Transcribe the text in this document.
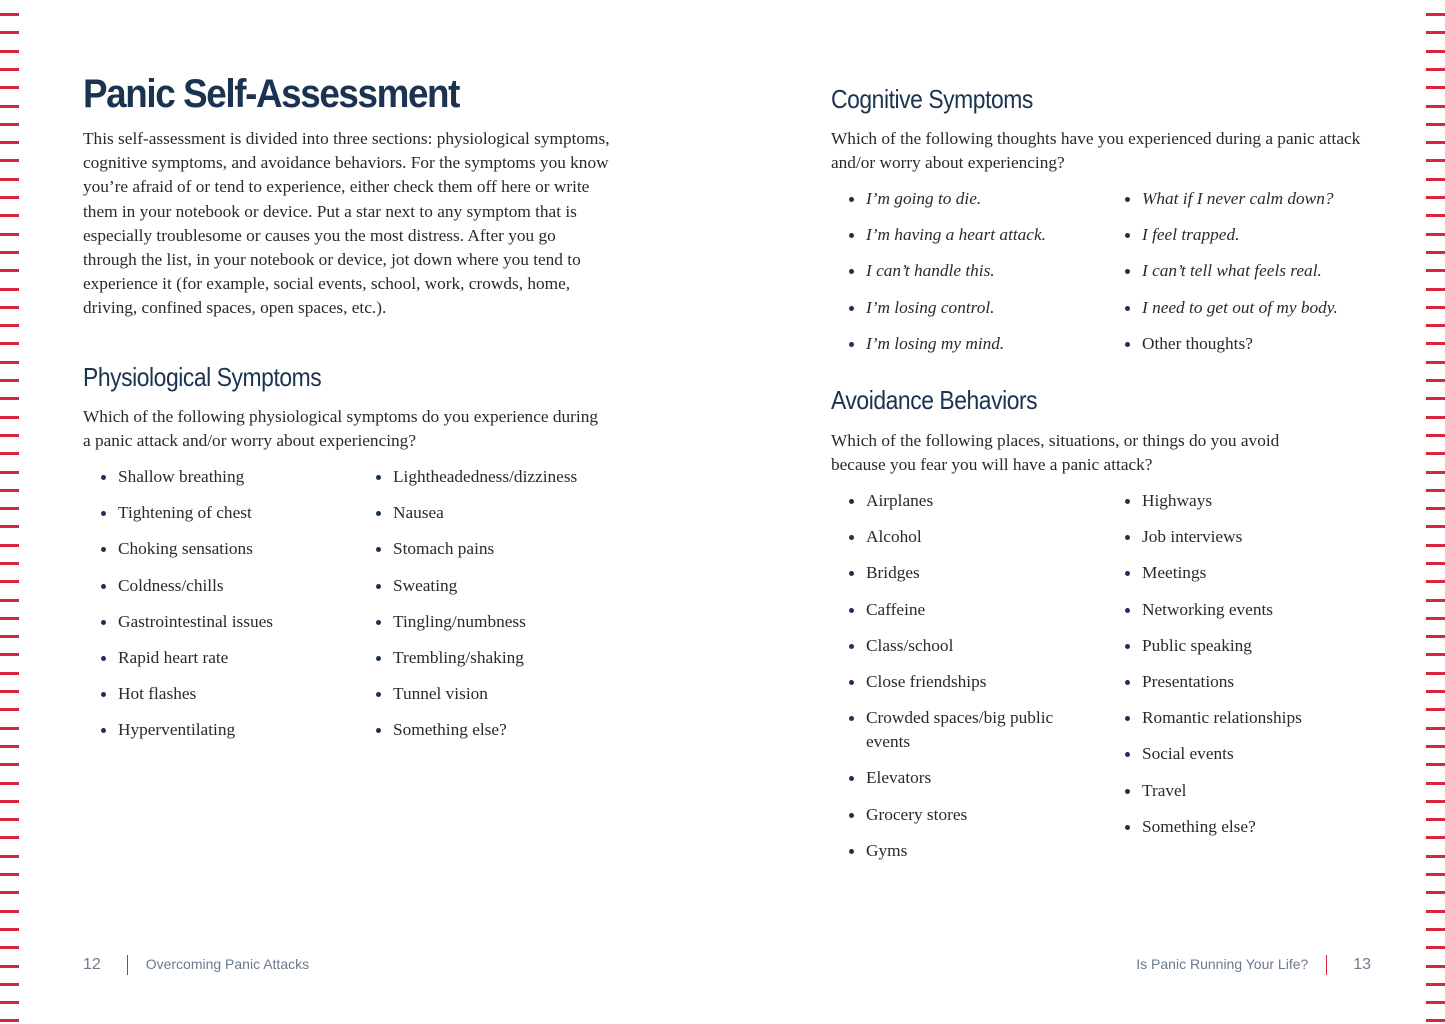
Panic Self-Assessment

This self-assessment is divided into three sections: physiological symptoms, cognitive symptoms, and avoidance behaviors. For the symptoms you know you’re afraid of or tend to experience, either check them off here or write them in your notebook or device. Put a star next to any symptom that is especially troublesome or causes you the most distress. After you go through the list, in your notebook or device, jot down where you tend to experience it (for example, social events, school, work, crowds, home, driving, confined spaces, open spaces, etc.).

Physiological Symptoms

Which of the following physiological symptoms do you experience during a panic attack and/or worry about experiencing?

Shallow breathing
Tightening of chest
Choking sensations
Coldness/chills
Gastrointestinal issues
Rapid heart rate
Hot flashes
Hyperventilating
Lightheadedness/dizziness
Nausea
Stomach pains
Sweating
Tingling/numbness
Trembling/shaking
Tunnel vision
Something else?
12	Overcoming Panic Attacks
Cognitive Symptoms

Which of the following thoughts have you experienced during a panic attack and/or worry about experiencing?

I’m going to die.
I’m having a heart attack.
I can’t handle this.
I’m losing control.
I’m losing my mind.
What if I never calm down?
I feel trapped.
I can’t tell what feels real.
I need to get out of my body.
Other thoughts?
Avoidance Behaviors

Which of the following places, situations, or things do you avoid because you fear you will have a panic attack?

Airplanes
Alcohol
Bridges
Caffeine
Class/school
Close friendships
Crowded spaces/big public events
Elevators
Grocery stores
Gyms
Highways
Job interviews
Meetings
Networking events
Public speaking
Presentations
Romantic relationships
Social events
Travel
Something else?
Is Panic Running Your Life?	13
